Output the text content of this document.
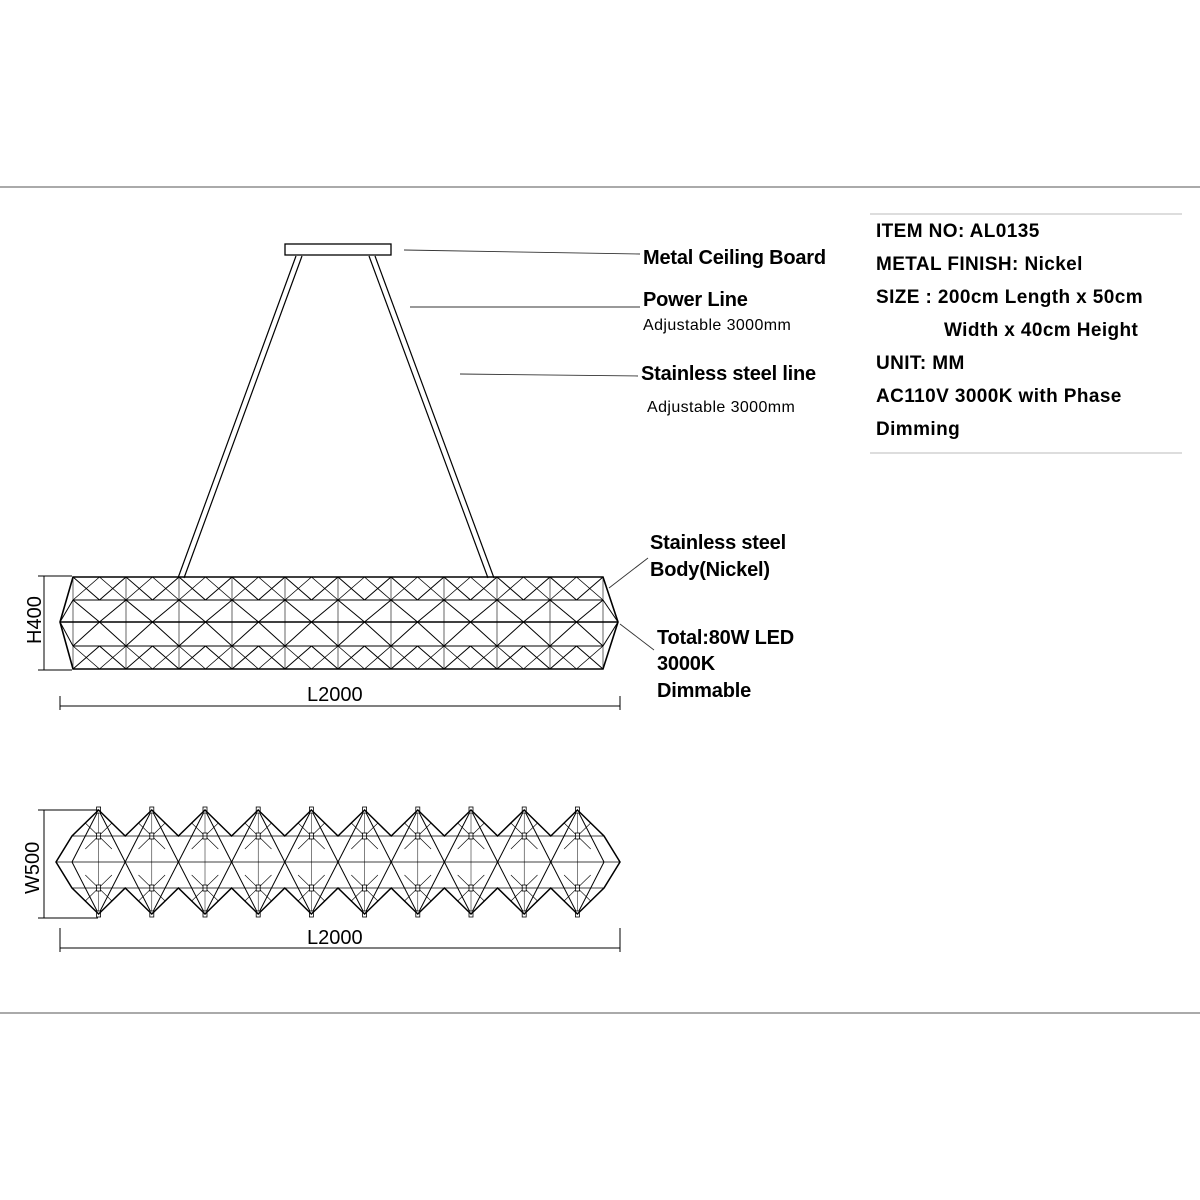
Metal Ceiling Board
Power Line
Adjustable 3000mm
Stainless steel line
Adjustable 3000mm
Stainless steel
Body(Nickel)
Total:80W LED
3000K
Dimmable
H400
L2000
W500
L2000
ITEM NO: AL0135
METAL FINISH: Nickel
SIZE : 200cm Length x 50cm
Width x 40cm Height
UNIT: MM
AC110V 3000K with Phase
Dimming
